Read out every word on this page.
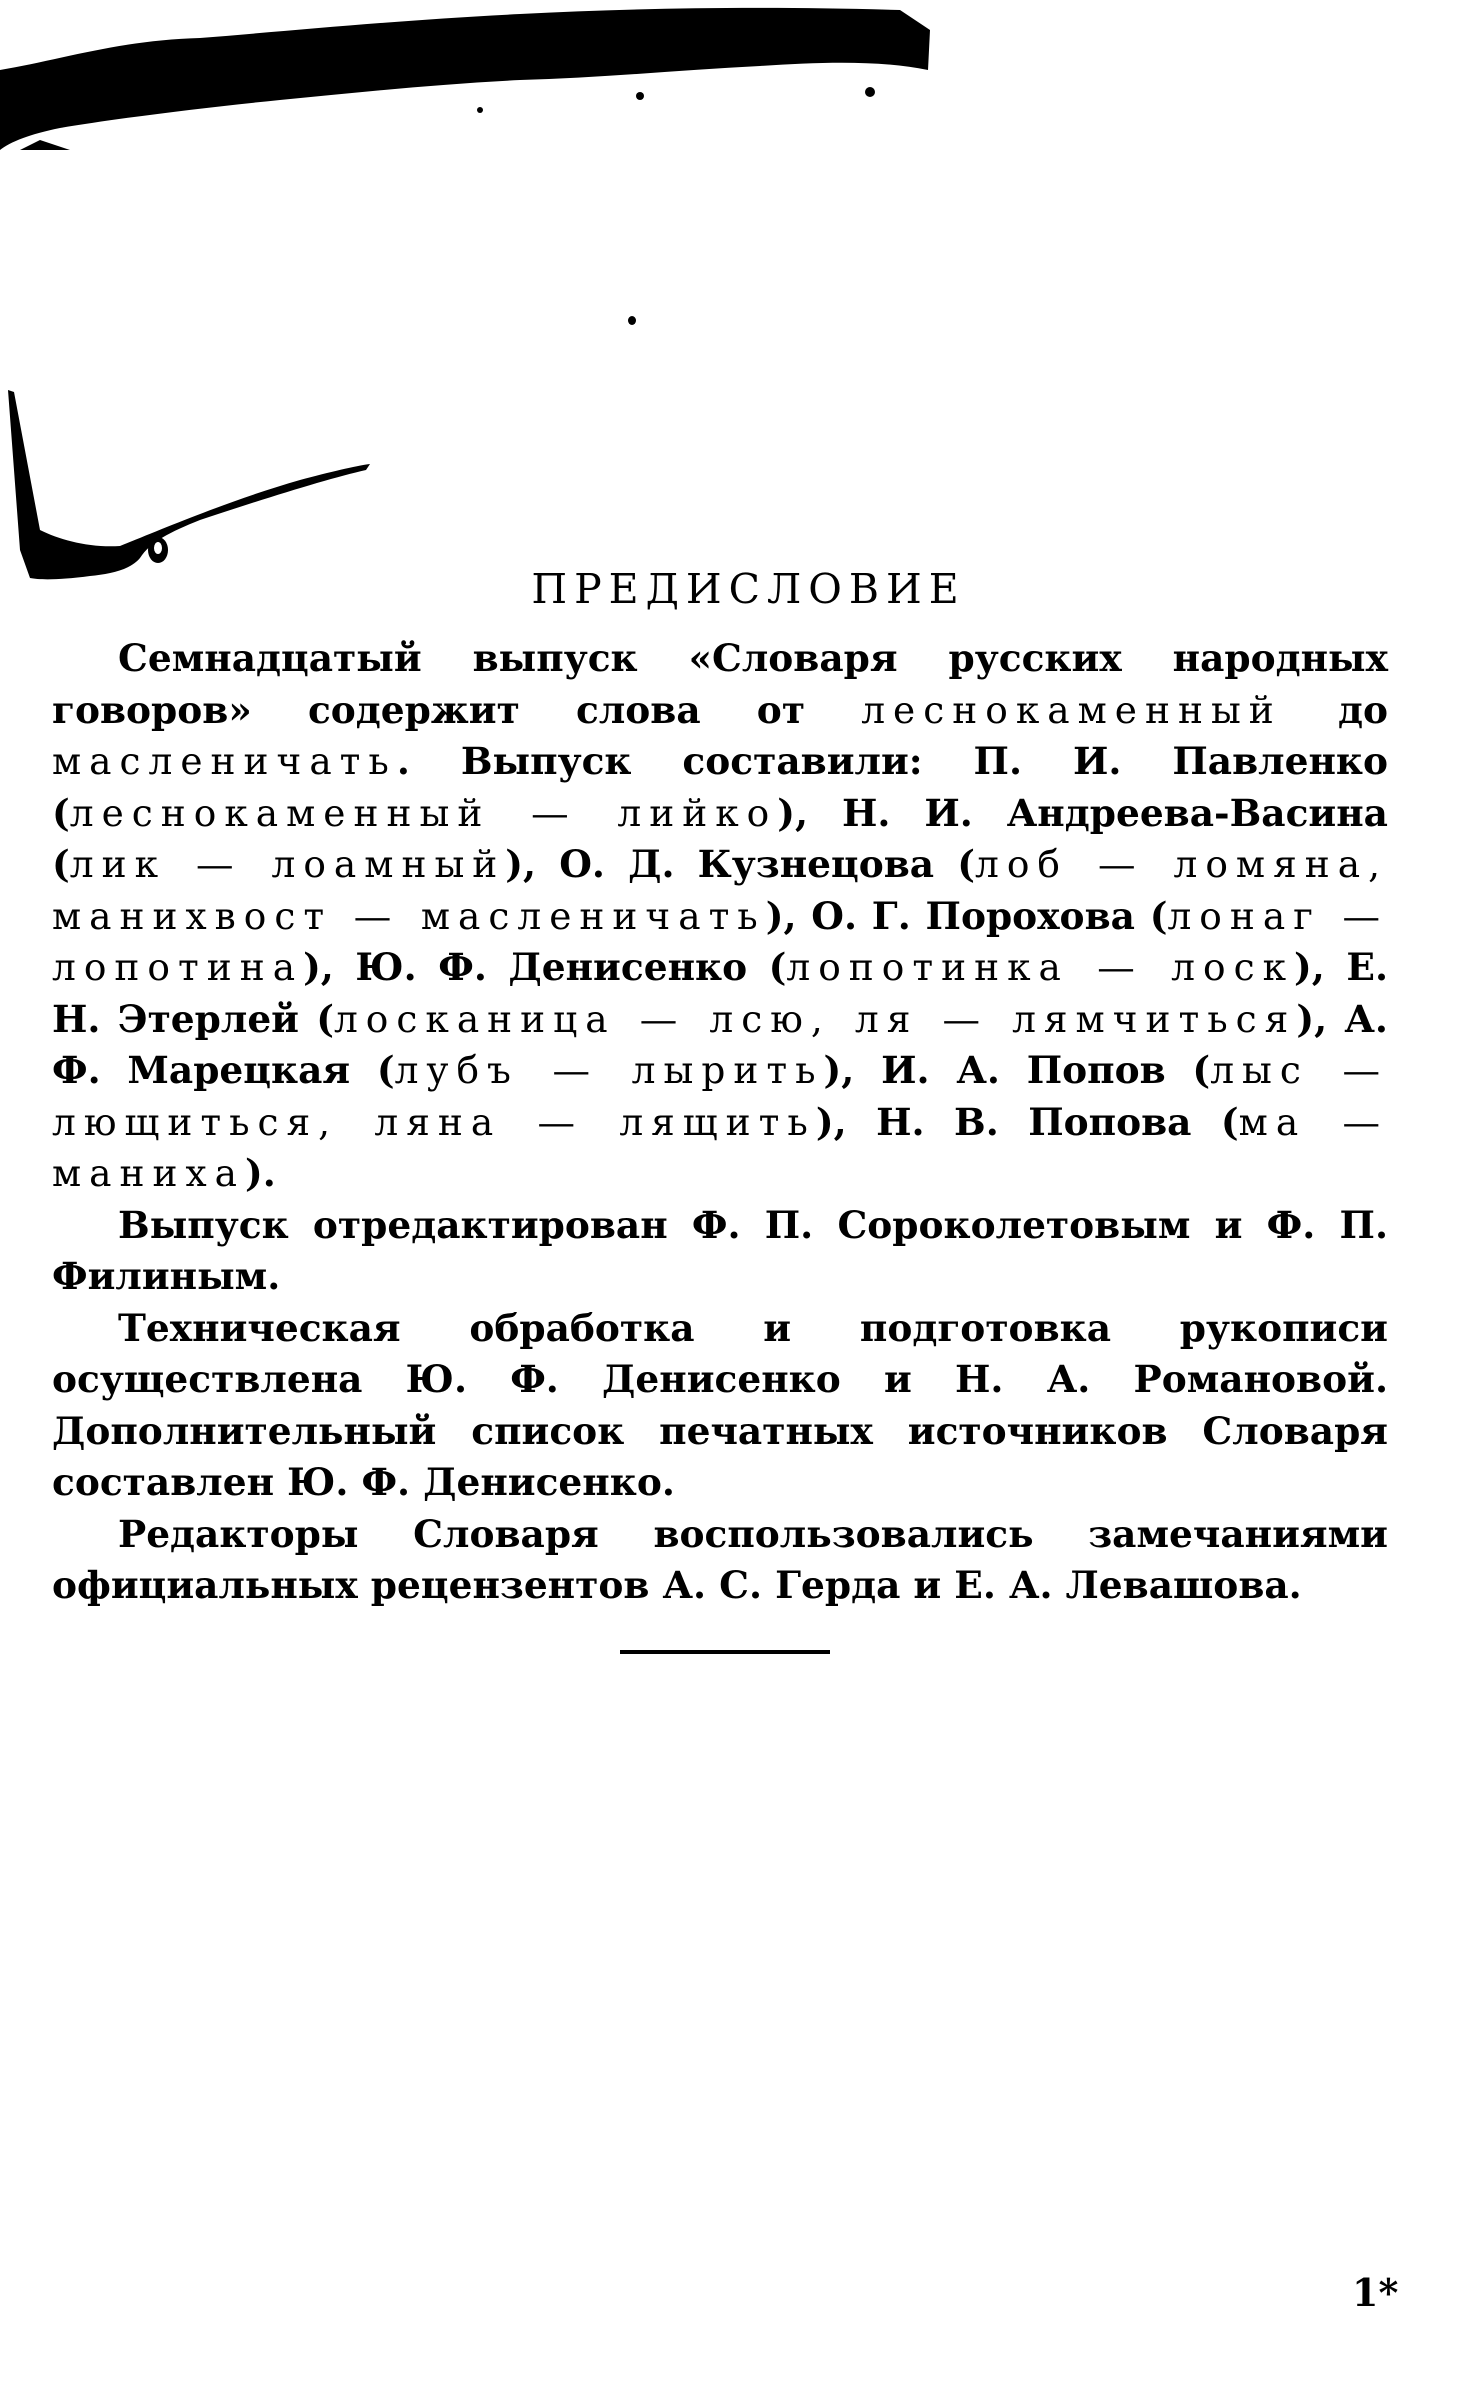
ПРЕДИСЛОВИЕ

Семнадцатый выпуск «Словаря русских народных говоров» содержит слова от леснокаменный до масленичать. Выпуск составили: П. И. Павленко (леснокаменный — лийко), Н. И. Андреева-Васина (лик — лоамный), О. Д. Кузнецова (лоб — ломяна, манихвост — масленичать), О. Г. Порохова (лонаг — лопотина), Ю. Ф. Денисенко (лопотинка — лоск), Е. Н. Этерлей (лосканица — лсю, ля — лямчиться), А. Ф. Марецкая (лубъ — лырить), И. А. Попов (лыс — лющиться, ляна — лящить), Н. В. Попова (ма — маниха).

Выпуск отредактирован Ф. П. Сороколетовым и Ф. П. Филиным.

Техническая обработка и подготовка рукописи осуществлена Ю. Ф. Денисенко и Н. А. Романовой. Дополнительный список печатных источников Словаря составлен Ю. Ф. Денисенко.

Редакторы Словаря воспользовались замечаниями официальных рецензентов А. С. Герда и Е. А. Левашова.

1*
